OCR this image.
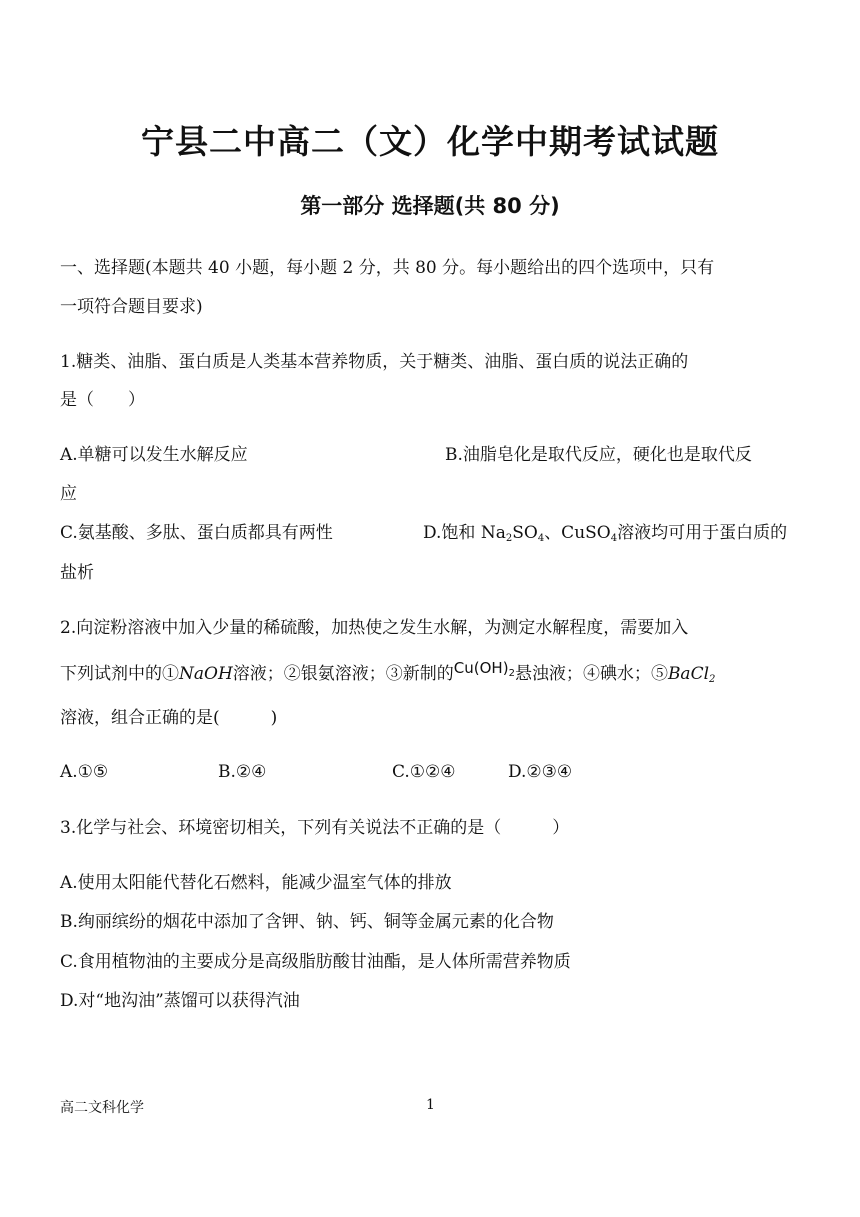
宁县二中高二（文）化学中期考试试题
第一部分 选择题(共 80 分)
一、选择题(本题共 40 小题，每小题 2 分，共 80 分。每小题给出的四个选项中，只有
一项符合题目要求)
1.糖类、油脂、蛋白质是人类基本营养物质，关于糖类、油脂、蛋白质的说法正确的
是（　　）
A.单糖可以发生水解反应	B.油脂皂化是取代反应，硬化也是取代反
应
C.氨基酸、多肽、蛋白质都具有两性	D.饱和 $Na_2SO_4$、CuSO$_4$溶液均可用于蛋白质的
盐析
2.向淀粉溶液中加入少量的稀硫酸，加热使之发生水解，为测定水解程度，需要加入
下列试剂中的①NaOH溶液；②银氨溶液；③新制的$Cu(OH)_2$悬浊液；④碘水；⑤BaCl$_2$
溶液，组合正确的是(　　　)
A.①⑤	B.②④	C.①②④	D.②③④
3.化学与社会、环境密切相关，下列有关说法不正确的是（　　　）
A.使用太阳能代替化石燃料，能减少温室气体的排放
B.绚丽缤纷的烟花中添加了含钾、钠、钙、铜等金属元素的化合物
C.食用植物油的主要成分是高级脂肪酸甘油酯，是人体所需营养物质
D.对“地沟油”蒸馏可以获得汽油
高二文科化学	1
